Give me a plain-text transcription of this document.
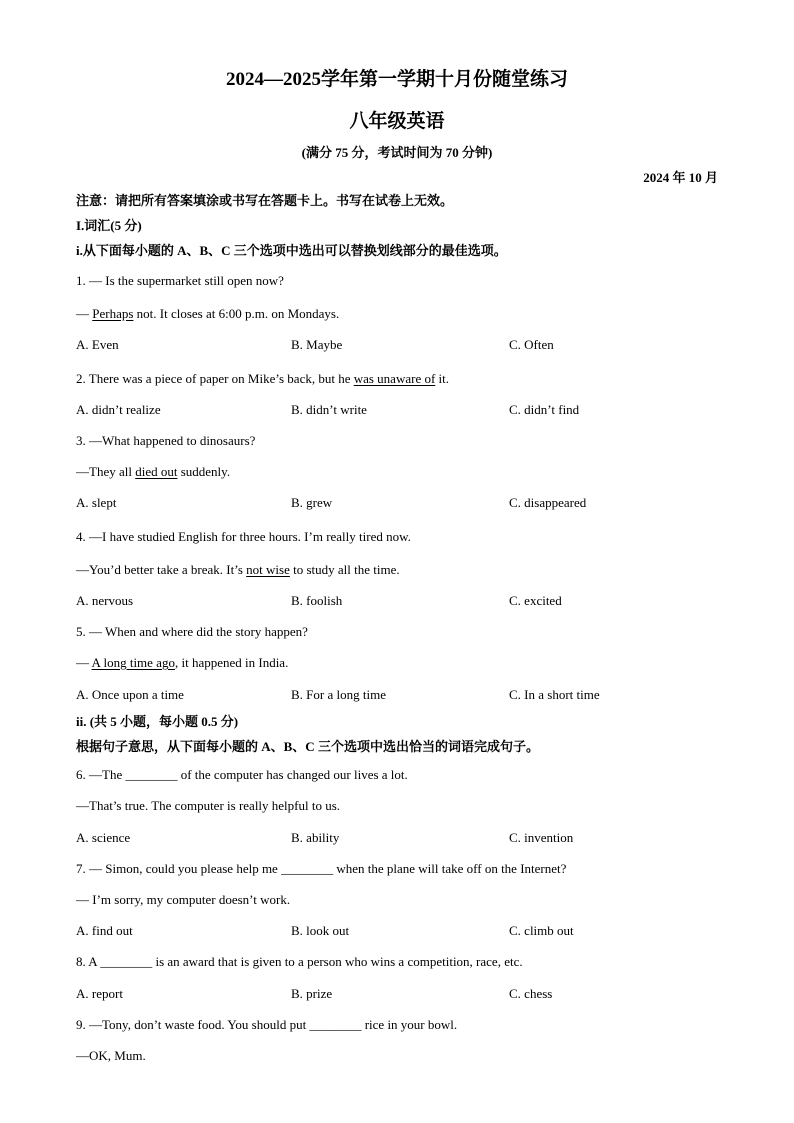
2024—2025学年第一学期十月份随堂练习
八年级英语
(满分 75 分，考试时间为 70 分钟)
2024 年 10 月
注意：请把所有答案填涂或书写在答题卡上。书写在试卷上无效。
I.词汇(5 分)
i.从下面每小题的 A、B、C 三个选项中选出可以替换划线部分的最佳选项。
ii. (共 5 小题，每小题 0.5 分)
根据句子意思，从下面每小题的 A、B、C 三个选项中选出恰当的词语完成句子。
1. — Is the supermarket still open now?
— Perhaps not. It closes at 6:00 p.m. on Mondays.
A. Even	B. Maybe	C. Often
2. There was a piece of paper on Mike’s back, but he was unaware of it.
A. didn’t realize	B. didn’t write	C. didn’t find
3. —What happened to dinosaurs?
—They all died out suddenly.
A. slept	B. grew	C. disappeared
4. —I have studied English for three hours. I’m really tired now.
—You’d better take a break. It’s not wise to study all the time.
A. nervous	B. foolish	C. excited
5. — When and where did the story happen?
— A long time ago, it happened in India.
A. Once upon a time	B. For a long time	C. In a short time
6. —The ________ of the computer has changed our lives a lot.
—That’s true. The computer is really helpful to us.
A. science	B. ability	C. invention
7. — Simon, could you please help me ________ when the plane will take off on the Internet?
— I’m sorry, my computer doesn’t work.
A. find out	B. look out	C. climb out
8. A ________ is an award that is given to a person who wins a competition, race, etc.
A. report	B. prize	C. chess
9. —Tony, don’t waste food. You should put ________ rice in your bowl.
—OK, Mum.
